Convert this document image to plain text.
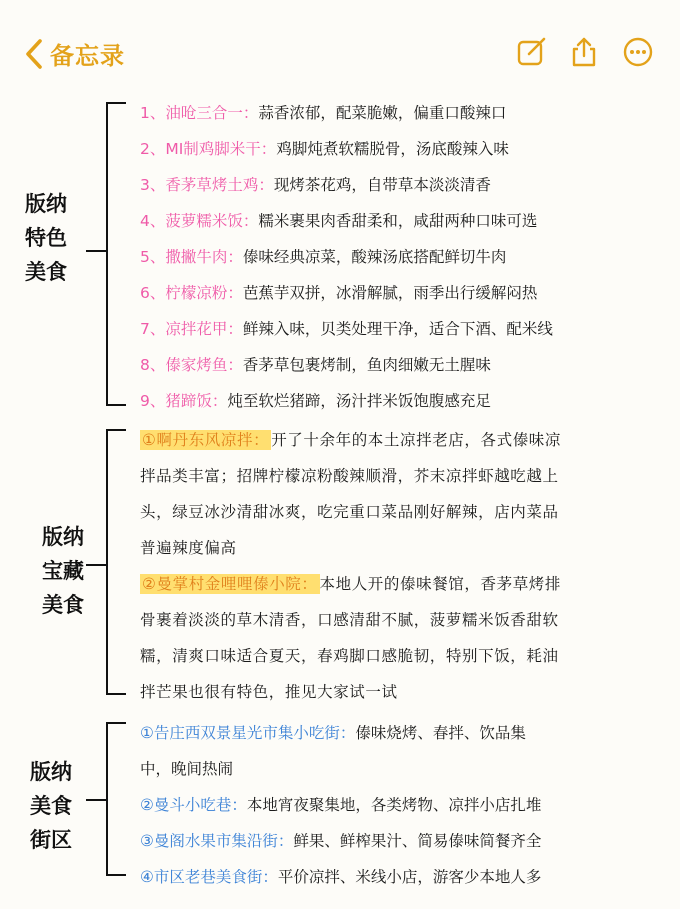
备忘录
版纳
特色
美食
1、油呛三合一：蒜香浓郁，配菜脆嫩，偏重口酸辣口
2、MI制鸡脚米干：鸡脚炖煮软糯脱骨，汤底酸辣入味
3、香茅草烤土鸡：现烤茶花鸡，自带草本淡淡清香
4、菠萝糯米饭：糯米裹果肉香甜柔和，咸甜两种口味可选
5、撒撇牛肉：傣味经典凉菜，酸辣汤底搭配鲜切牛肉
6、柠檬凉粉：芭蕉芋双拼，冰滑解腻，雨季出行缓解闷热
7、凉拌花甲：鲜辣入味，贝类处理干净，适合下酒、配米线
8、傣家烤鱼：香茅草包裹烤制，鱼肉细嫩无土腥味
9、猪蹄饭：炖至软烂猪蹄，汤汁拌米饭饱腹感充足
版纳
宝藏
美食
①啊丹东风凉拌： 开了十余年的本土凉拌老店，各式傣味凉
拌品类丰富；招牌柠檬凉粉酸辣顺滑，芥末凉拌虾越吃越上
头，绿豆冰沙清甜冰爽，吃完重口菜品刚好解辣，店内菜品
普遍辣度偏高
②曼掌村金哩哩傣小院： 本地人开的傣味餐馆，香茅草烤排
骨裹着淡淡的草木清香，口感清甜不腻，菠萝糯米饭香甜软
糯，清爽口味适合夏天，春鸡脚口感脆韧，特别下饭，耗油
拌芒果也很有特色，推见大家试一试
版纳
美食
街区
①告庄西双景星光市集小吃街：傣味烧烤、春拌、饮品集
中，晚间热闹
②曼斗小吃巷：本地宵夜聚集地，各类烤物、凉拌小店扎堆
③曼阁水果市集沿街：鲜果、鲜榨果汁、简易傣味简餐齐全
④市区老巷美食街：平价凉拌、米线小店，游客少本地人多
